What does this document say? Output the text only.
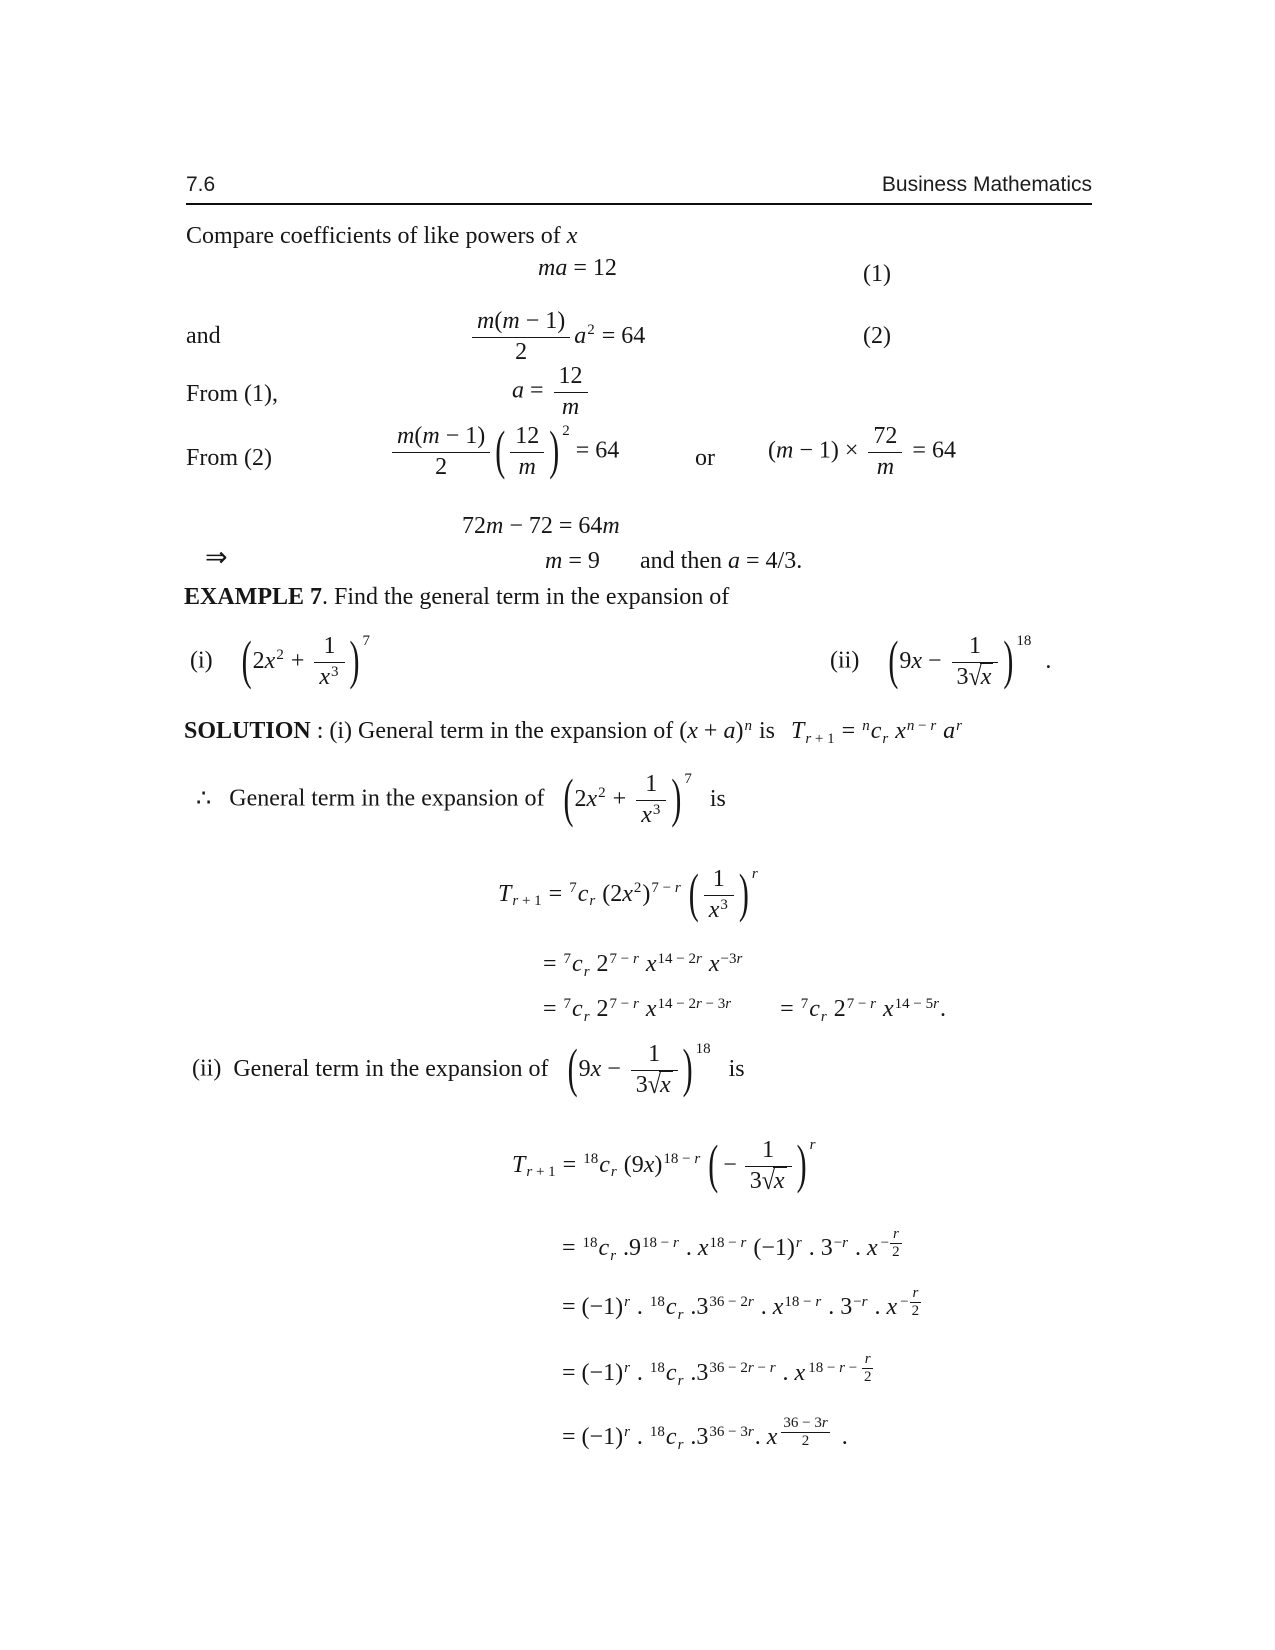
7.6	Business Mathematics
Compare coefficients of like powers of x
ma = 12	(1)
and	$\frac{m(m - 1)}{2} a^2 = 64$	(2)
From (1),	$a = \frac{12}{m}$
From (2)	$\frac{m(m - 1)}{2}$ ( $\frac{12}{m}$ ) 2 = 64	or $(m - 1) \times \frac{72}{m} = 64$
72m − 72 = 64m
⇒	m = 9 and then a = 4/3.
EXAMPLE 7. Find the general term in the expansion of
(i) ($2x^2 + \frac{1}{x^3}$ ) 7
(ii) ($9x - \frac{1}{3√x}$ ) 18 .
SOLUTION : (i) General term in the expansion of $(x + a)^n$ is $T_{r + 1} = ^nc_r$ $x^{n - r}$ $a^r$
∴ General term in the expansion of ($2x^2 + \frac{1}{x^3}$ ) 7 is
$T_{r + 1} = ^7c_r$ $(2x^2)^{7 - r}$ ( $\frac{1}{x^3}$ ) r
= $^7c_r$ $2^{7 - r}$ $x^{14 - 2r}$ $x^{-3r}$
= $^7c_r$ $2^{7 - r}$ $x^{14 - 2r - 3r} = ^7c_r$ $2^{7 - r}$ $x^{14 - 5r}$.
(ii) General term in the expansion of ($9x - \frac{1}{3√x}$ ) 18 is
$T_{r + 1} = ^{18}c_r$ $(9x)^{18 - r}$ ( − $\frac{1}{3√x}$ ) r
= $^{18}c_r$ $.9^{18 - r}$ . $x^{18 - r}$ $(-1)^r$ . $3^{-r}$ . $x - \frac{r}{2}$
= $(-1)^r$ . $^{18}c_r$ $.3^{36 - 2r}$ . $x^{18 - r}$ . $3^{-r}$ . $x - \frac{r}{2}$
= $(-1)^r$ . $^{18}c_r$ $.3^{36 - 2r - r}$ . x $18 - r - \frac{r}{2}$
= $(-1)^r$ . $^{18}c_r$ $.3^{36 - 3r}$. x $\frac{36 - 3r}{2}$ .
